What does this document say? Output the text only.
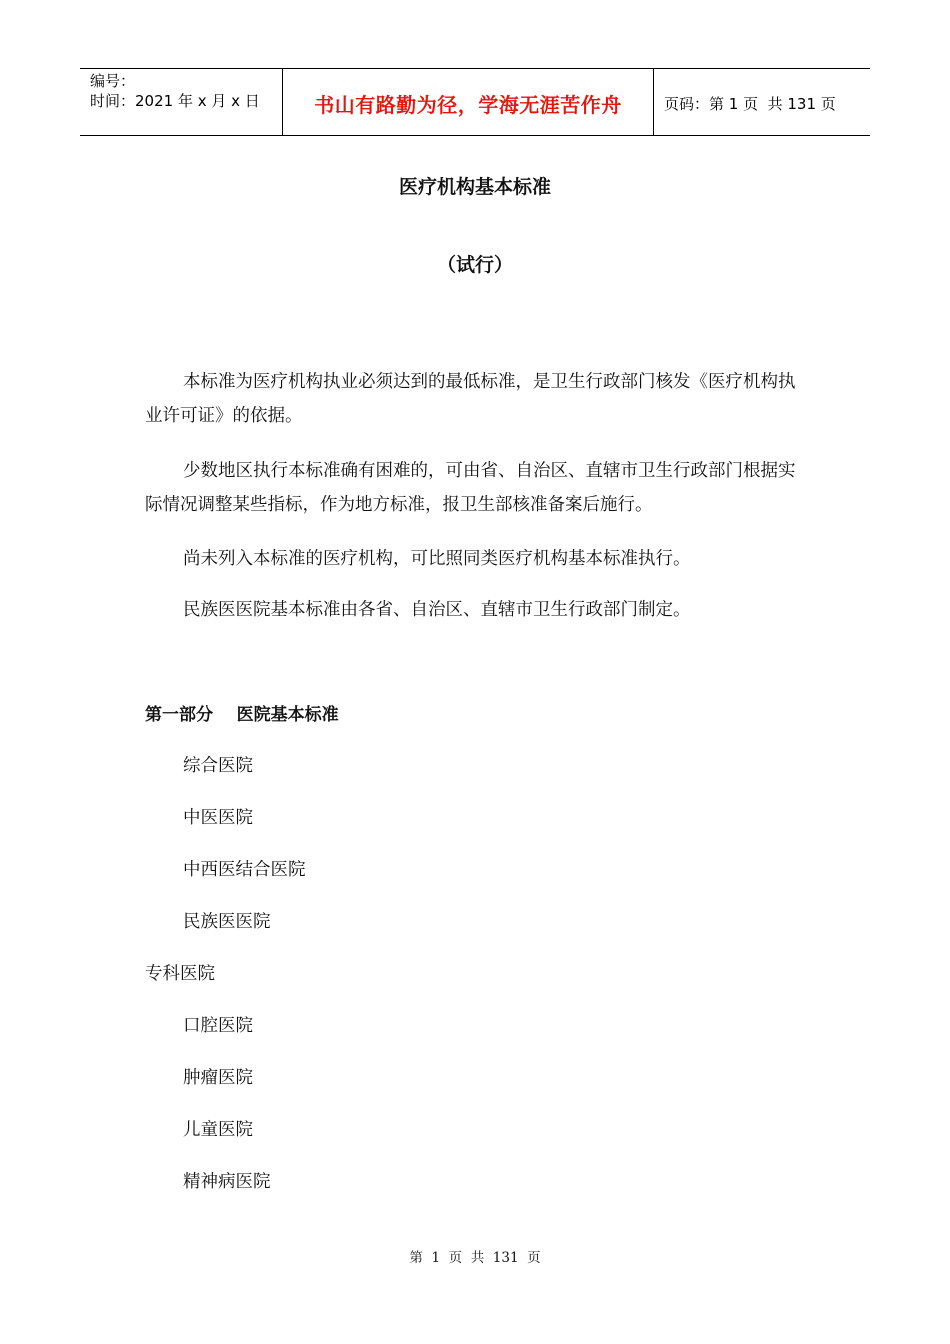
编号：
时间：2021 年 x 月 x 日	书山有路勤为径，学海无涯苦作舟	页码：第 1 页  共 131 页
医疗机构基本标准
（试行）

本标准为医疗机构执业必须达到的最低标准，是卫生行政部门核发《医疗机构执业许可证》的依据。

少数地区执行本标准确有困难的，可由省、自治区、直辖市卫生行政部门根据实际情况调整某些指标，作为地方标准，报卫生部核准备案后施行。

尚未列入本标准的医疗机构，可比照同类医疗机构基本标准执行。

民族医医院基本标准由各省、自治区、直辖市卫生行政部门制定。

第一部分    医院基本标准
综合医院
中医医院
中西医结合医院
民族医医院
专科医院
口腔医院
肿瘤医院
儿童医院
精神病医院
第  1  页  共  131  页
